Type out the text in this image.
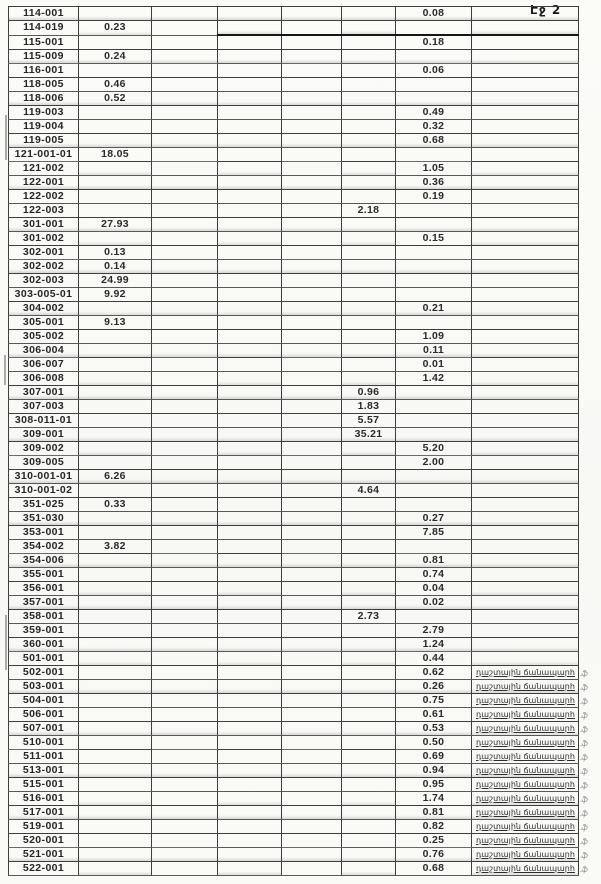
Էջ 2
114-001						0.08	
114-019	0.23						
115-001						0.18	
115-009	0.24						
116-001						0.06	
118-005	0.46						
118-006	0.52						
119-003						0.49	
119-004						0.32	
119-005						0.68	
121-001-01	18.05						
121-002						1.05	
122-001						0.36	
122-002						0.19	
122-003					2.18		
301-001	27.93						
301-002						0.15	
302-001	0.13						
302-002	0.14						
302-003	24.99						
303-005-01	9.92						
304-002						0.21	
305-001	9.13						
305-002						1.09	
306-004						0.11	
306-007						0.01	
306-008						1.42	
307-001					0.96		
307-003					1.83		
308-011-01					5.57		
309-001					35.21		
309-002						5.20	
309-005						2.00	
310-001-01	6.26						
310-001-02					4.64		
351-025	0.33						
351-030						0.27	
353-001						7.85	
354-002	3.82						
354-006						0.81	
355-001						0.74	
356-001						0.04	
357-001						0.02	
358-001					2.73		
359-001						2.79	
360-001						1.24	
501-001						0.44	
502-001						0.62	դաշտային ճանապարհ .ֆ

503-001						0.26	դաշտային ճանապարհ .ֆ

504-001						0.75	դաշտային ճանապարհ .ֆ

506-001						0.61	դաշտային ճանապարհ .ֆ

507-001						0.53	դաշտային ճանապարհ .ֆ

510-001						0.50	դաշտային ճանապարհ .ֆ

511-001						0.69	դաշտային ճանապարհ .ֆ

513-001						0.94	դաշտային ճանապարհ .ֆ

515-001						0.95	դաշտային ճանապարհ .ֆ

516-001						1.74	դաշտային ճանապարհ .ֆ

517-001						0.81	դաշտային ճանապարհ .ֆ

519-001						0.82	դաշտային ճանապարհ .ֆ

520-001						0.25	դաշտային ճանապարհ .ֆ

521-001						0.76	դաշտային ճանապարհ .ֆ

522-001						0.68	դաշտային ճանապարհ .ֆ
